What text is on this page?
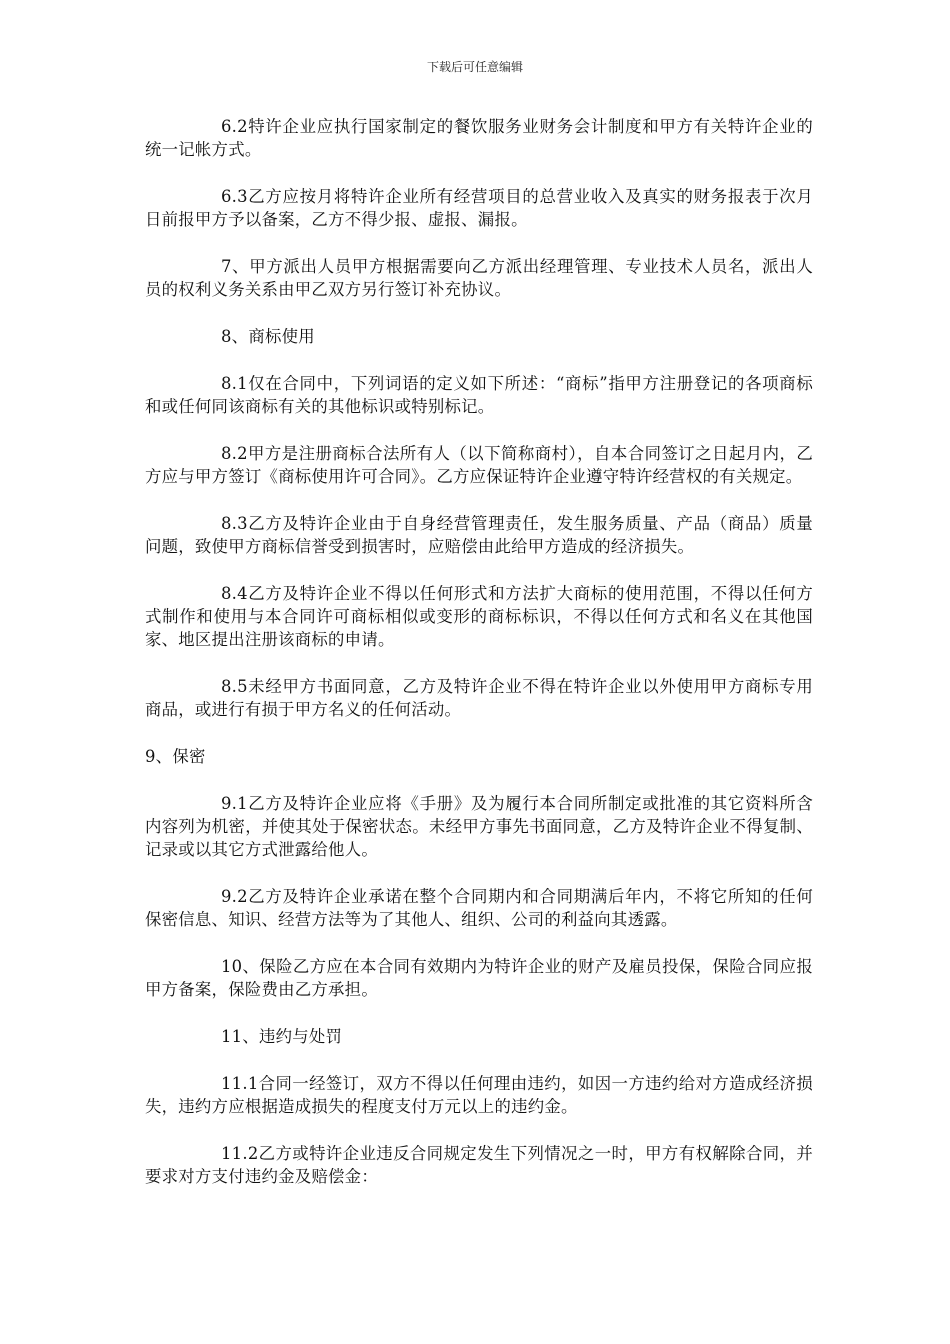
下载后可任意编辑

6.2特许企业应执行国家制定的餐饮服务业财务会计制度和甲方有关特许企业的统一记帐方式。

6.3乙方应按月将特许企业所有经营项目的总营业收入及真实的财务报表于次月日前报甲方予以备案，乙方不得少报、虚报、漏报。

7、甲方派出人员甲方根据需要向乙方派出经理管理、专业技术人员名，派出人员的权利义务关系由甲乙双方另行签订补充协议。

8、商标使用

8.1仅在合同中，下列词语的定义如下所述：“商标”指甲方注册登记的各项商标和或任何同该商标有关的其他标识或特别标记。

8.2甲方是注册商标合法所有人（以下简称商村），自本合同签订之日起月内，乙方应与甲方签订《商标使用许可合同》。乙方应保证特许企业遵守特许经营权的有关规定。

8.3乙方及特许企业由于自身经营管理责任，发生服务质量、产品（商品）质量问题，致使甲方商标信誉受到损害时，应赔偿由此给甲方造成的经济损失。

8.4乙方及特许企业不得以任何形式和方法扩大商标的使用范围，不得以任何方式制作和使用与本合同许可商标相似或变形的商标标识，不得以任何方式和名义在其他国家、地区提出注册该商标的申请。

8.5未经甲方书面同意，乙方及特许企业不得在特许企业以外使用甲方商标专用商品，或进行有损于甲方名义的任何活动。

9、保密

9.1乙方及特许企业应将《手册》及为履行本合同所制定或批准的其它资料所含内容列为机密，并使其处于保密状态。未经甲方事先书面同意，乙方及特许企业不得复制、记录或以其它方式泄露给他人。

9.2乙方及特许企业承诺在整个合同期内和合同期满后年内，不将它所知的任何保密信息、知识、经营方法等为了其他人、组织、公司的利益向其透露。

10、保险乙方应在本合同有效期内为特许企业的财产及雇员投保，保险合同应报甲方备案，保险费由乙方承担。

11、违约与处罚

11.1合同一经签订，双方不得以任何理由违约，如因一方违约给对方造成经济损失，违约方应根据造成损失的程度支付万元以上的违约金。

11.2乙方或特许企业违反合同规定发生下列情况之一时，甲方有权解除合同，并要求对方支付违约金及赔偿金：
